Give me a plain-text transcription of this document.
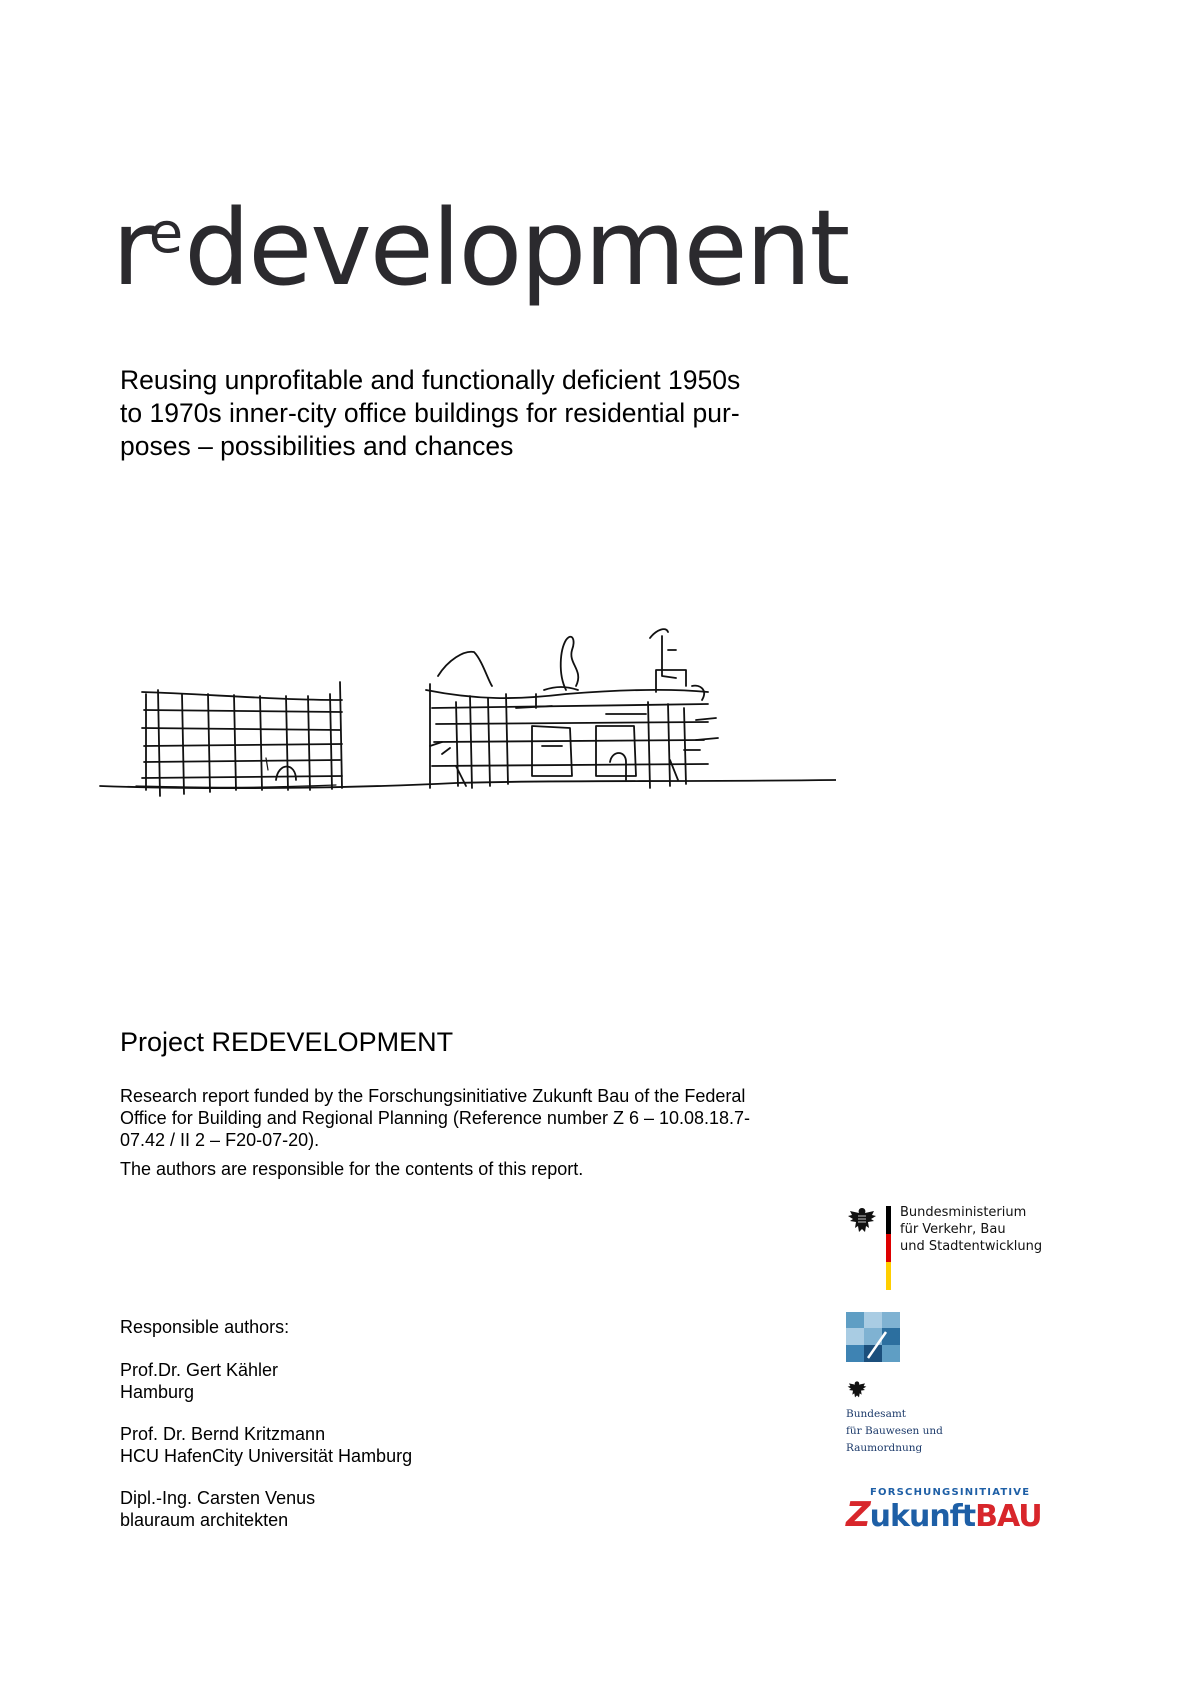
$r^edevelopment$
Reusing unprofitable and functionally deficient 1950s
to 1970s inner-city office buildings for residential pur-
poses – possibilities and chances
Project REDEVELOPMENT

Research report funded by the Forschungsinitiative Zukunft Bau of the Federal

Office for Building and Regional Planning (Reference number Z 6 – 10.08.18.7-

07.42 / II 2 – F20-07-20).

The authors are responsible for the contents of this report.

Responsible authors:
Prof.Dr. Gert Kähler
Hamburg
Prof. Dr. Bernd Kritzmann
HCU HafenCity Universität Hamburg
Dipl.-Ing. Carsten Venus
blauraum architekten
Bundesministerium
für Verkehr, Bau
und Stadtentwicklung
Bundesamt
für Bauwesen und
Raumordnung
FORSCHUNGSINITIATIVE
ZukunftBAU
